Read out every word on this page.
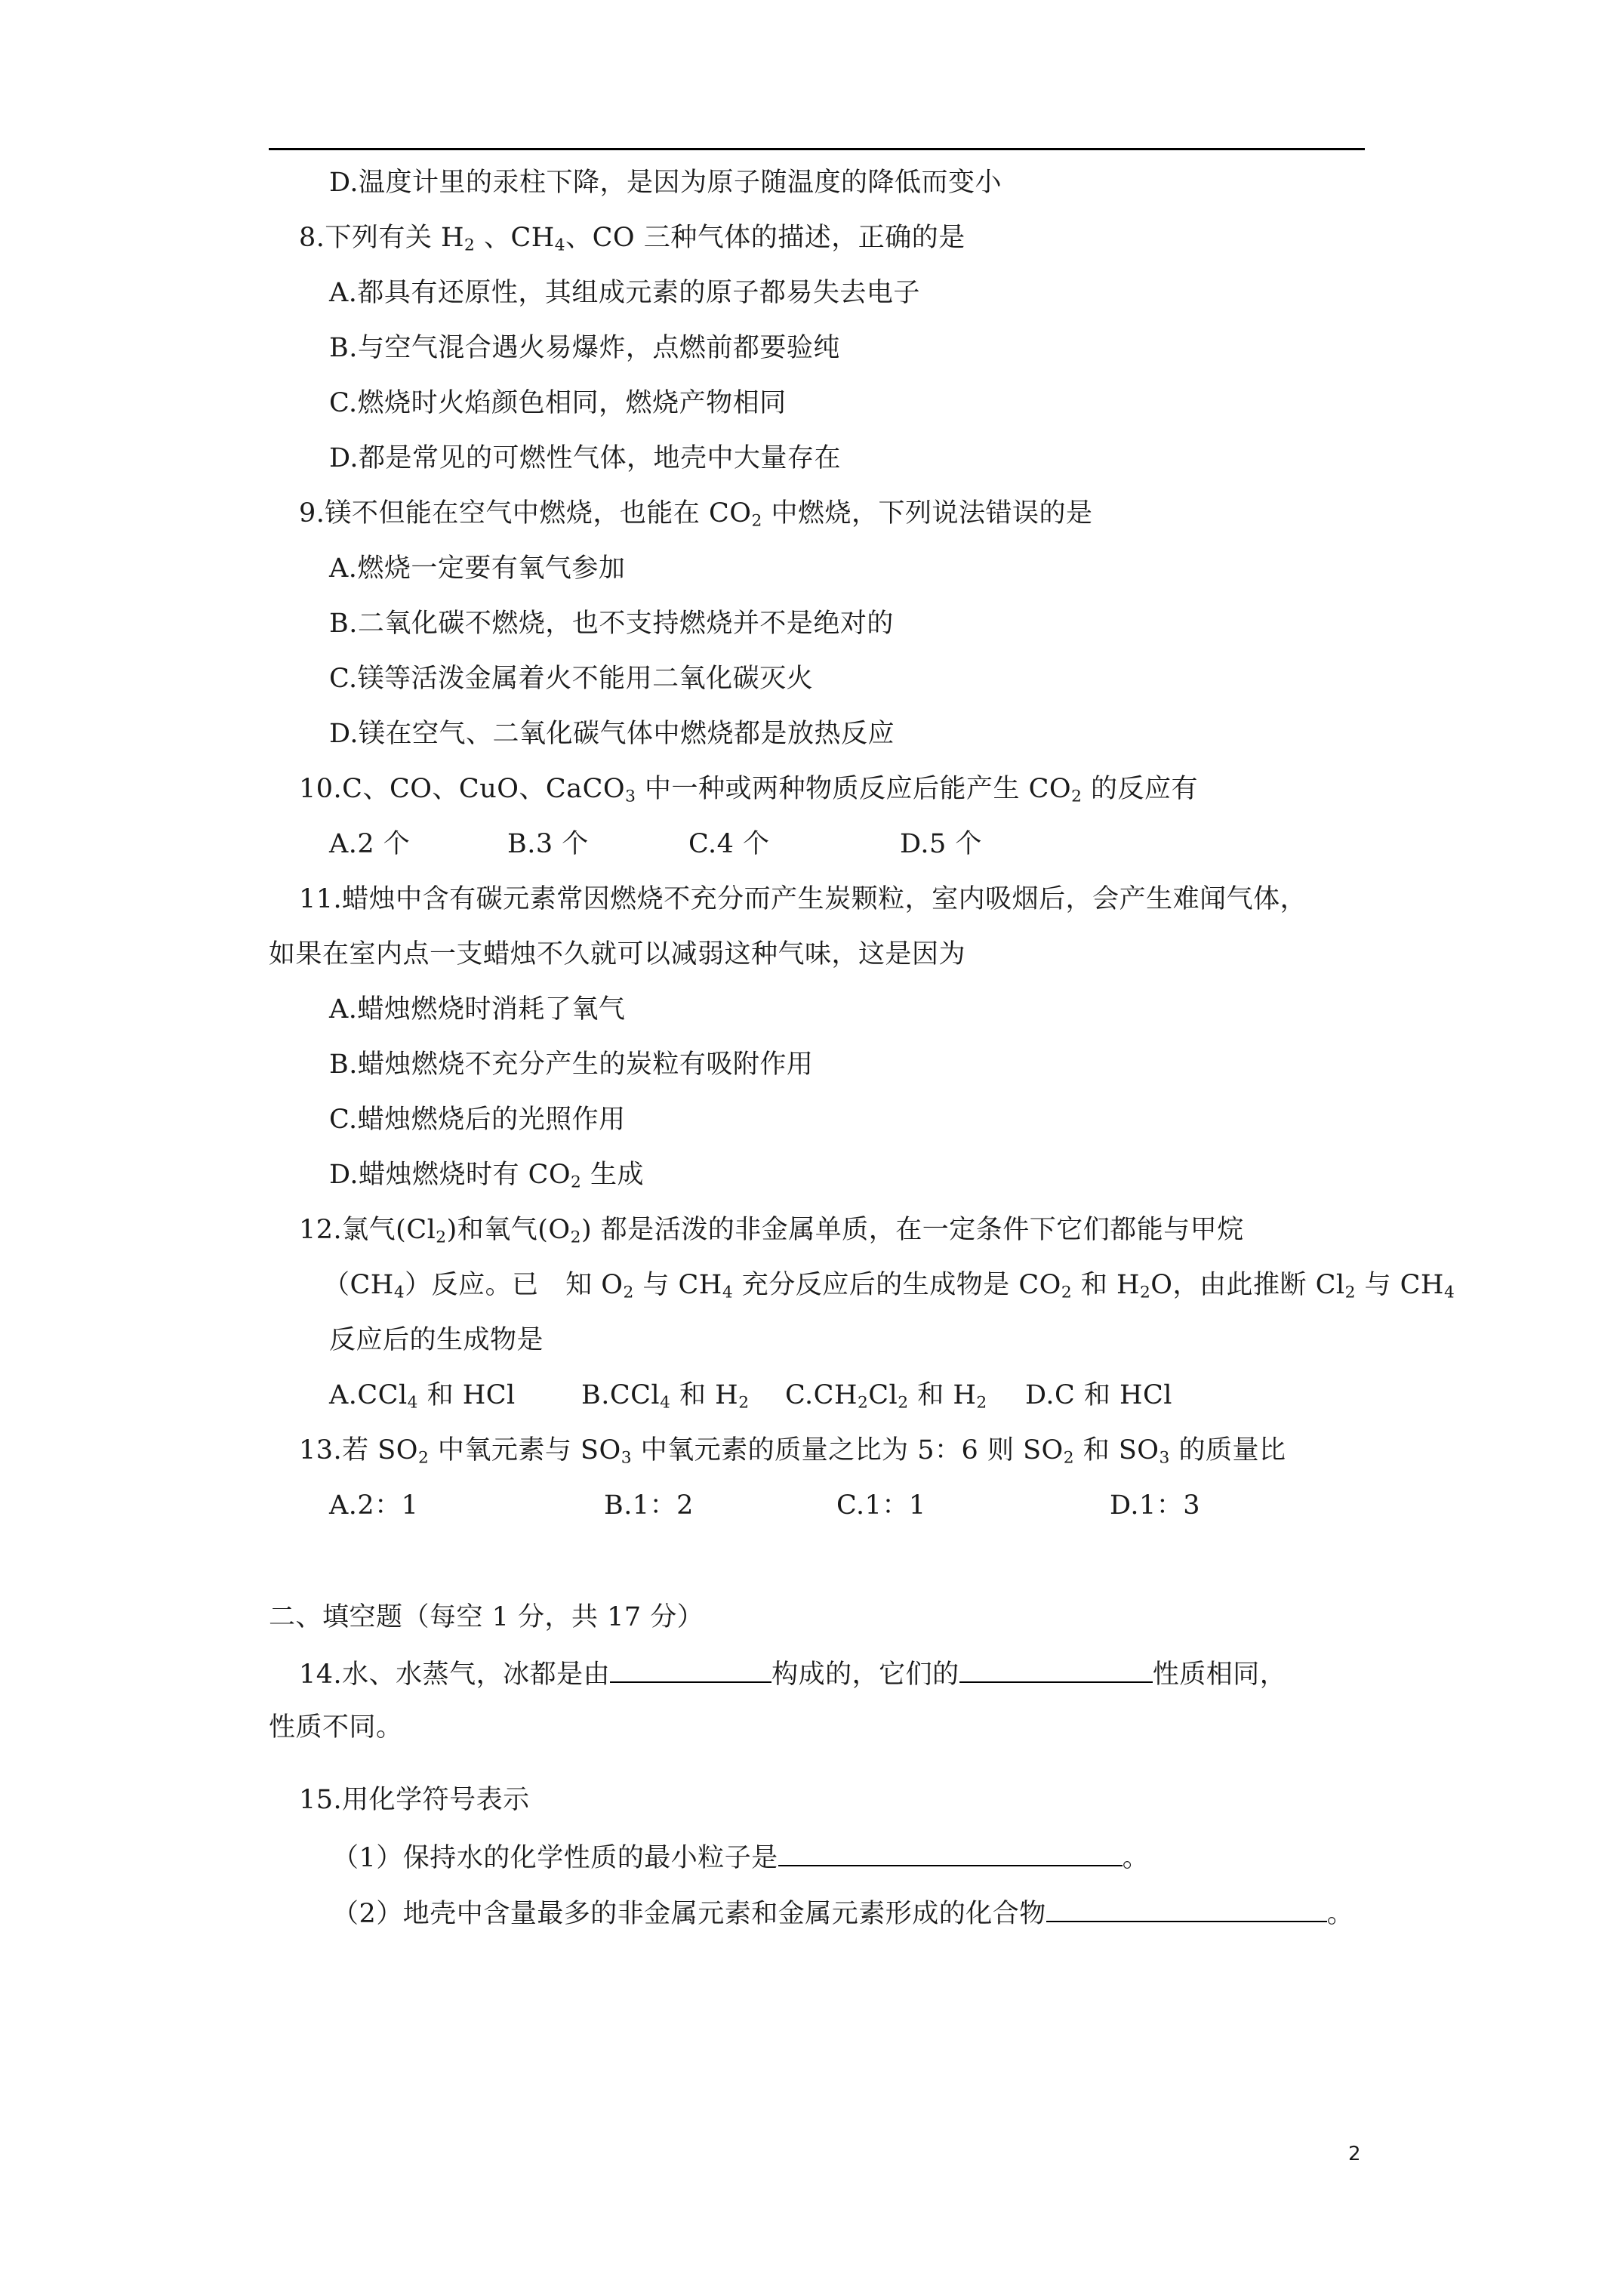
D.温度计里的汞柱下降，是因为原子随温度的降低而变小
8.下列有关 $H_2$ 、$CH_4$、CO 三种气体的描述，正确的是
A.都具有还原性，其组成元素的原子都易失去电子
B.与空气混合遇火易爆炸，点燃前都要验纯
C.燃烧时火焰颜色相同，燃烧产物相同
D.都是常见的可燃性气体，地壳中大量存在
9.镁不但能在空气中燃烧，也能在 $CO_2$ 中燃烧，下列说法错误的是
A.燃烧一定要有氧气参加
B.二氧化碳不燃烧，也不支持燃烧并不是绝对的
C.镁等活泼金属着火不能用二氧化碳灭火
D.镁在空气、二氧化碳气体中燃烧都是放热反应
10.C、CO、CuO、CaCO$_3$ 中一种或两种物质反应后能产生 $CO_2$ 的反应有
A.2 个	B.3 个	C.4 个	D.5 个
11.蜡烛中含有碳元素常因燃烧不充分而产生炭颗粒，室内吸烟后，会产生难闻气体，
如果在室内点一支蜡烛不久就可以减弱这种气味，这是因为
A.蜡烛燃烧时消耗了氧气
B.蜡烛燃烧不充分产生的炭粒有吸附作用
C.蜡烛燃烧后的光照作用
D.蜡烛燃烧时有 $CO_2$ 生成
12.氯气$(Cl_2)$和氧气$(O_2)$ 都是活泼的非金属单质，在一定条件下它们都能与甲烷
$(CH_4)$反应。已　知 $O_2$ 与 $CH_4$ 充分反应后的生成物是 $CO_2$ 和 $H_2O$，由此推断 $Cl_2$ 与 $CH_4$
反应后的生成物是
A.CCl$_4$ 和 HCl B.CCl$_4$ 和 $H_2$ $C.CH_2Cl_2$ 和 $H_2$ D.C 和 HCl
13.若 $SO_2$ 中氧元素与 $SO_3$ 中氧元素的质量之比为 5：6 则 $SO_2$ 和 $SO_3$ 的质量比
A.2：1	B.1：2	C.1：1	D.1：3
二、填空题（每空 1 分，共 17 分）
14.水、水蒸气，冰都是由	构成的，它们的	性质相同，
性质不同。
15.用化学符号表示
（1）保持水的化学性质的最小粒子是	。
（2）地壳中含量最多的非金属元素和金属元素形成的化合物	。
2
